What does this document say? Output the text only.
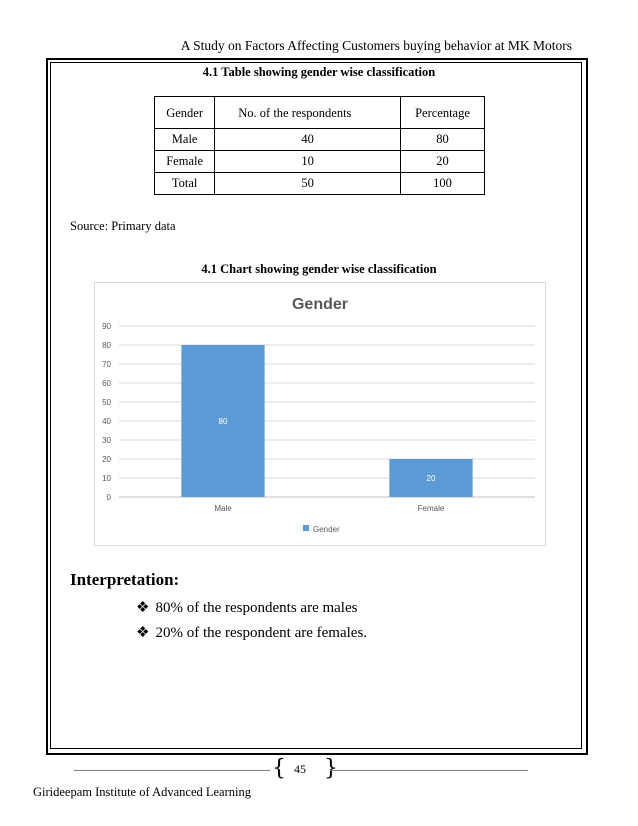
A Study on Factors Affecting Customers buying behavior at MK Motors
4.1 Table showing gender wise classification
Gender	No. of the respondents	Percentage
Male	40	80
Female	10	20
Total	50	100
Source: Primary data
4.1 Chart showing gender wise classification
Gender
0
10
20
30
40
50
60
70
80
90
80
Male
20
Female
Gender
Interpretation:
❖ 80% of the respondents are males
❖ 20% of the respondent are females.
{ 45 }
Girideepam Institute of Advanced Learning
